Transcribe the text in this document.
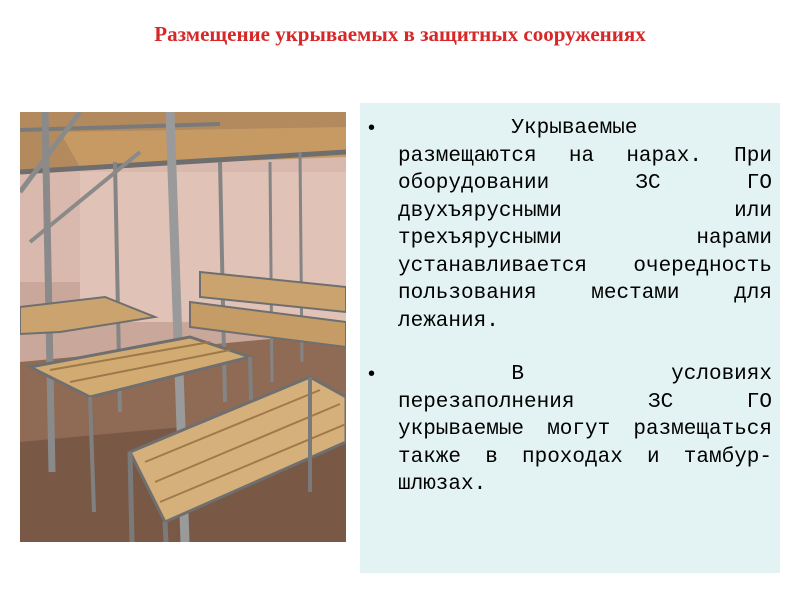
Размещение укрываемых в защитных сооружениях
•	Укрываемые размещаются на нарах. При оборудовании ЗС ГО двухъярусными или трехъярусными нарами устанавливается очередность пользования местами для лежания.
•	В условиях перезаполнения ЗС ГО укрываемые могут размещаться также в проходах и тамбур-шлюзах.
